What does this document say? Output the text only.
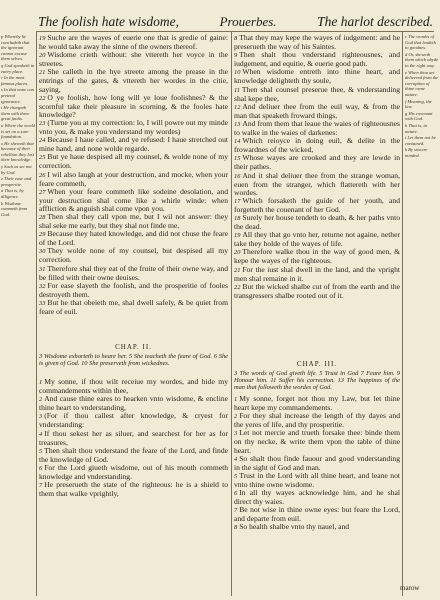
The foolish hate wisdome,	Prouerbes.	The harlot described.

p Whereby he concludeth that the ignorant cannot excuse them selves.

q God speaketh in euery place.

r In the most famous places.

s In that none can pretend ignorance.

t He chargeth them with three great faults.

u Where the world is set on a sure foundation.

x He sheweth that because of their rebellion they lost their knowledge.

y Such as set not by God.

z Their ease and prosperitie.

a That is, by diligence.

b Wisdome commeth from God.

c The wordes of God that leadeth to goodnes.

d Or, sheweth them which abyde in the right way.

e When thou art delivered from the corruption of thine owne nature.

f Meaning, the law.

g His covenant with God.

h That is, in nature.

i Let them not be contained.

k By sincere minded.

19 Suche are the wayes of euerie one that is gredie of gaine: he would take away the sinne of the owners thereof.

20 Wisdome crieth without: she vttereth her voyce in the streetes.

21 She calleth in the hye streete among the prease in the entrings of the gates, & vttereth her wordes in the citie, saying,

22 O ye foolish, how long will ye loue foolishnes? & the scornful take their pleasure in scorning, & the fooles hate knowledge?

23 (Turne you at my correction: lo, I will powre out my minde vnto you, & make you vnderstand my wordes)

24 Because I haue called, and ye refused: I haue stretched out mine hand, and none wolde regarde.

25 But ye haue despised all my counsel, & wolde none of my correction.

26 I wil also laugh at your destruction, and mocke, when your feare commeth,

27 When your feare commeth like sodeine desolation, and your destruction shal come like a whirle winde: when affliction & anguish shal come vpon you.

28 Then shal they call vpon me, but I wil not answer: they shal seke me early, but they shal not finde me,

29 Because they hated knowledge, and did not chuse the feare of the Lord.

30 They wolde none of my counsel, but despised all my correction.

31 Therefore shal they eat of the fruite of their owne way, and be filled with their owne deuises.

32 For ease slayeth the foolish, and the prosperitie of fooles destroyeth them.

33 But he that obeieth me, shal dwell safely, & be quiet from feare of euil.

8 That they may kepe the wayes of iudgement: and he preserueth the way of his Saintes.

9 Then shalt thou vnderstand righteousnes, and iudgement, and equitie, & euerie good path.

10 When wisdome entreth into thine heart, and knowledge delighteth thy soule,

11 Then shal counsel preserue thee, & vnderstanding shal kepe thee,

12 And deliuer thee from the euil way, & from the man that speaketh froward things,

13 And from them that leaue the waies of righteousnes to walke in the waies of darkenes:

14 Which reioyce in doing euil, & delite in the frowardnes of the wicked,

15 Whose wayes are crooked and they are lewde in their pathes.

16 And it shal deliuer thee from the strange woman, euen from the stranger, which flattereth with her wordes.

17 Which forsaketh the guide of her youth, and forgetteth the couenant of her God.

18 Surely her house tendeth to death, & her paths vnto the dead.

19 All they that go vnto her, returne not againe, nether take they holde of the wayes of life.

20 Therefore walke thou in the way of good men, & kepe the wayes of the righteous.

21 For the iust shal dwell in the land, and the vpright men shal remaine in it.

22 But the wicked shalbe cut of from the earth and the transgressers shalbe rooted out of it.

CHAP. II.
CHAP. III.
3 Wisdome exhorteth to heare her. 5 She teacheth the feare of God. 6 She is given of God. 10 She preserveth from wickednes.
3 The words of God giveth life. 5 Trust in God 7 Feare him. 9 Honour him. 11 Suffer his correction. 13 The happines of the man that followeth the wordes of God.

1 My sonne, if thou wilt receiue my wordes, and hide my commandements within thee,

2 And cause thine eares to hearken vnto wisdome, & encline thine heart to vnderstanding,

3 (For if thou callest after knowledge, & cryest for vnderstanding:

4 If thou sekest her as siluer, and searchest for her as for treasures,

5 Then shalt thou vnderstand the feare of the Lord, and finde the knowledge of God.

6 For the Lord giueth wisdome, out of his mouth commeth knowledge and vnderstanding.

7 He preserueth the state of the righteous: he is a shield to them that walke vprightly,

1 My sonne, forget not thou my Law, but let thine heart kepe my commandements.

2 For they shal increase the length of thy dayes and the yeres of life, and thy prosperitie.

3 Let not mercie and trueth forsake thee: binde them on thy necke, & write them vpon the table of thine heart.

4 So shalt thou finde fauour and good vnderstanding in the sight of God and man.

5 Trust in the Lord with all thine heart, and leane not vnto thine owne wisdome.

6 In all thy wayes acknowledge him, and he shal direct thy waies.

7 Be not wise in thine owne eyes: but feare the Lord, and departe from euil.

8 So health shalbe vnto thy nauel, and

marow
